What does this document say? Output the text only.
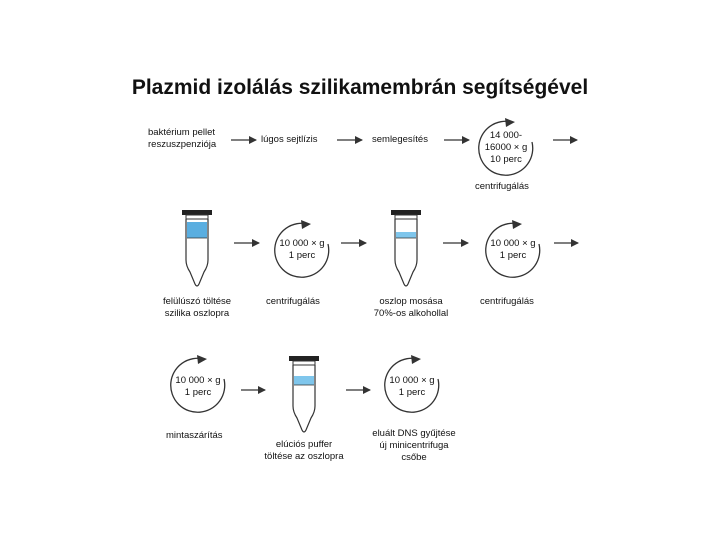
Plazmid izolálás szilikamembrán segítségével
baktérium pellet
reszuszpenziója	lúgos sejtlízis	semlegesítés	14 000-
16000 × g
10 perc
centrifugálás
10 000 × g
1 perc
10 000 × g
1 perc
felülúszó töltése
szilika oszlopra
centrifugálás	oszlop mosása
70%-os alkohollal
centrifugálás
10 000 × g
1 perc
10 000 × g
1 perc
mintaszárítás
elúciós puffer
töltése az oszlopra
eluált DNS gyűjtése
új minicentrifuga
csőbe
